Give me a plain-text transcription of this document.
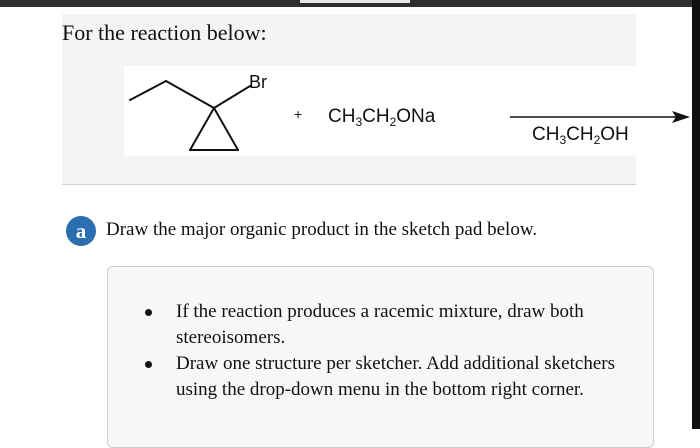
For the reaction below:
Br
+ $CH_3CH_2ONa$
$CH_3CH_2OH$
a	Draw the major organic product in the sketch pad below.
If the reaction produces a racemic mixture, draw both stereoisomers.
Draw one structure per sketcher. Add additional sketchers using the drop-down menu in the bottom right corner.
